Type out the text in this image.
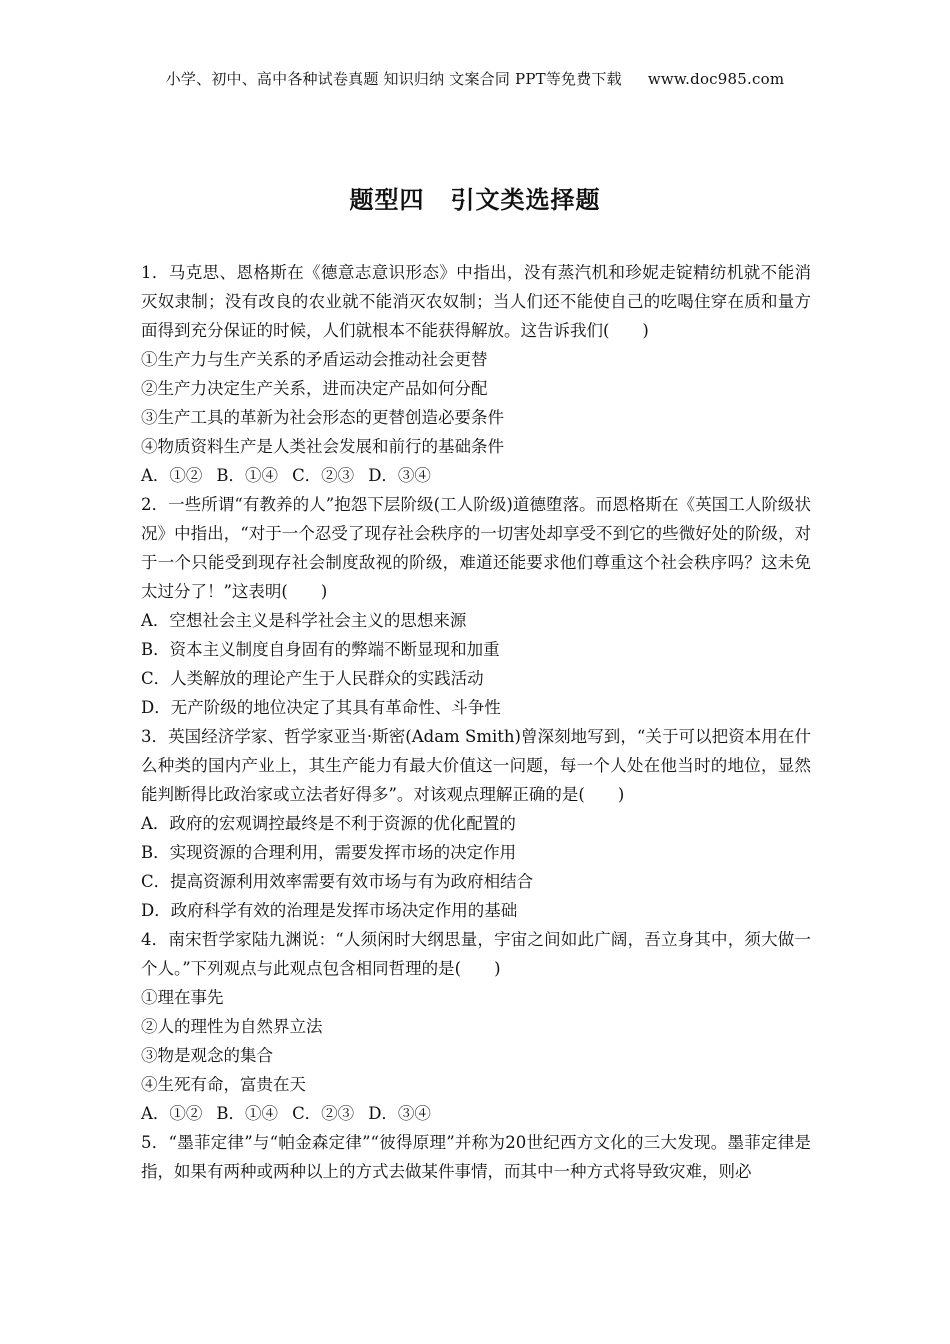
小学、初中、高中各种试卷真题 知识归纳 文案合同 PPT等免费下载 www.doc985.com
题型四 引文类选择题
1．马克思、恩格斯在《德意志意识形态》中指出，没有蒸汽机和珍妮走锭精纺机就不能消灭奴隶制；没有改良的农业就不能消灭农奴制；当人们还不能使自己的吃喝住穿在质和量方面得到充分保证的时候，人们就根本不能获得解放。这告诉我们(　　)
①生产力与生产关系的矛盾运动会推动社会更替
②生产力决定生产关系，进而决定产品如何分配
③生产工具的革新为社会形态的更替创造必要条件
④物质资料生产是人类社会发展和前行的基础条件
A．①② B．①④ C．②③ D．③④
2．一些所谓“有教养的人”抱怨下层阶级(工人阶级)道德堕落。而恩格斯在《英国工人阶级状况》中指出，“对于一个忍受了现存社会秩序的一切害处却享受不到它的些微好处的阶级，对于一个只能受到现存社会制度敌视的阶级，难道还能要求他们尊重这个社会秩序吗？这未免太过分了！”这表明(　　)
A．空想社会主义是科学社会主义的思想来源
B．资本主义制度自身固有的弊端不断显现和加重
C．人类解放的理论产生于人民群众的实践活动
D．无产阶级的地位决定了其具有革命性、斗争性
3．英国经济学家、哲学家亚当·斯密(Adam Smith)曾深刻地写到，“关于可以把资本用在什么种类的国内产业上，其生产能力有最大价值这一问题，每一个人处在他当时的地位，显然能判断得比政治家或立法者好得多”。对该观点理解正确的是(　　)
A．政府的宏观调控最终是不利于资源的优化配置的
B．实现资源的合理利用，需要发挥市场的决定作用
C．提高资源利用效率需要有效市场与有为政府相结合
D．政府科学有效的治理是发挥市场决定作用的基础
4．南宋哲学家陆九渊说：“人须闲时大纲思量，宇宙之间如此广阔，吾立身其中，须大做一个人。”下列观点与此观点包含相同哲理的是(　　)
①理在事先
②人的理性为自然界立法
③物是观念的集合
④生死有命，富贵在天
A．①② B．①④ C．②③ D．③④
5．“墨菲定律”与“帕金森定律”“彼得原理”并称为20世纪西方文化的三大发现。墨菲定律是指，如果有两种或两种以上的方式去做某件事情，而其中一种方式将导致灾难，则必
